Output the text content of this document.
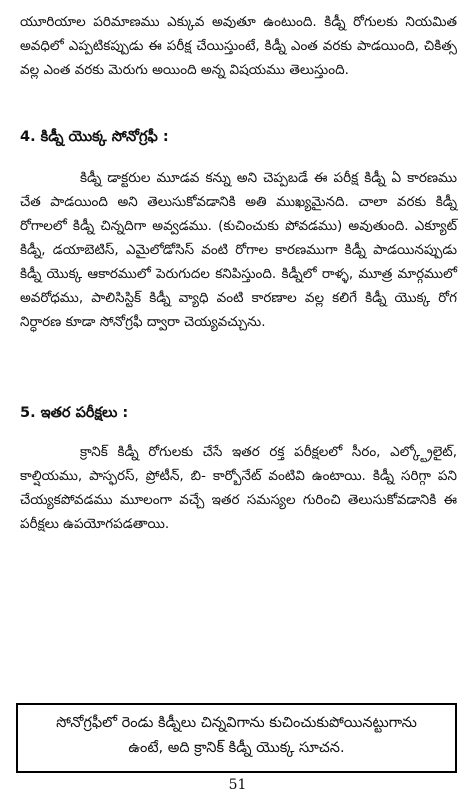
యూరియాల పరిమాణము ఎక్కువ అవుతూ ఉంటుంది. కిడ్నీ రోగులకు నియమిత అవధిలో ఎప్పటికప్పుడు ఈ పరీక్ష చేయిస్తుంటే, కిడ్నీ ఎంత వరకు పాడయింది, చికిత్స వల్ల ఎంత వరకు మెరుగు అయింది అన్న విషయము తెలుస్తుంది.

4. కిడ్నీ యొక్క సోనోగ్రఫీ :

కిడ్నీ డాక్టరుల మూడవ కన్ను అని చెప్పబడే ఈ పరీక్ష కిడ్నీ ఏ కారణము చేత పాడయింది అని తెలుసుకోవడానికి అతి ముఖ్యమైనది. చాలా వరకు కిడ్నీ రోగాలలో కిడ్నీ చిన్నదిగా అవ్వడము. (కుచించుకు పోవడము) అవుతుంది. ఎక్యూట్ కిడ్నీ, డయాబెటిస్, ఎమైలోడోసిస్ వంటి రోగాల కారణముగా కిడ్నీ పాడయినప్పుడు కిడ్నీ యొక్క ఆకారములో పెరుగుదల కనిపిస్తుంది. కిడ్నీలో రాళ్ళ, మూత్ర మార్గములో అవరోధము, పాలిసిస్టిక్ కిడ్నీ వ్యాధి వంటి కారణాల వల్ల కలిగే కిడ్నీ యొక్క రోగ నిర్ధారణ కూడా సోనోగ్రఫీ ద్వారా చెయ్యవచ్చును.

5. ఇతర పరీక్షలు :

క్రానిక్ కిడ్నీ రోగులకు చేసే ఇతర రక్త పరీక్షలలో సీరం, ఎల్క్ట్రోలైట్, కాల్షియము, పాస్ఫరస్, ప్రోటీన్, బి- కార్బోనేట్ వంటివి ఉంటాయి. కిడ్నీ సరిగ్గా పని చేయ్యకపోవడము మూలంగా వచ్చే ఇతర సమస్యల గురించి తెలుసుకోవడానికి ఈ పరీక్షలు ఉపయోగపడతాయి.

సోనోగ్రఫీలో రెండు కిడ్నీలు చిన్నవిగాను కుచించుకుపోయినట్టుగాను
ఉంటే, అది క్రానిక్ కిడ్నీ యొక్క సూచన.
51
